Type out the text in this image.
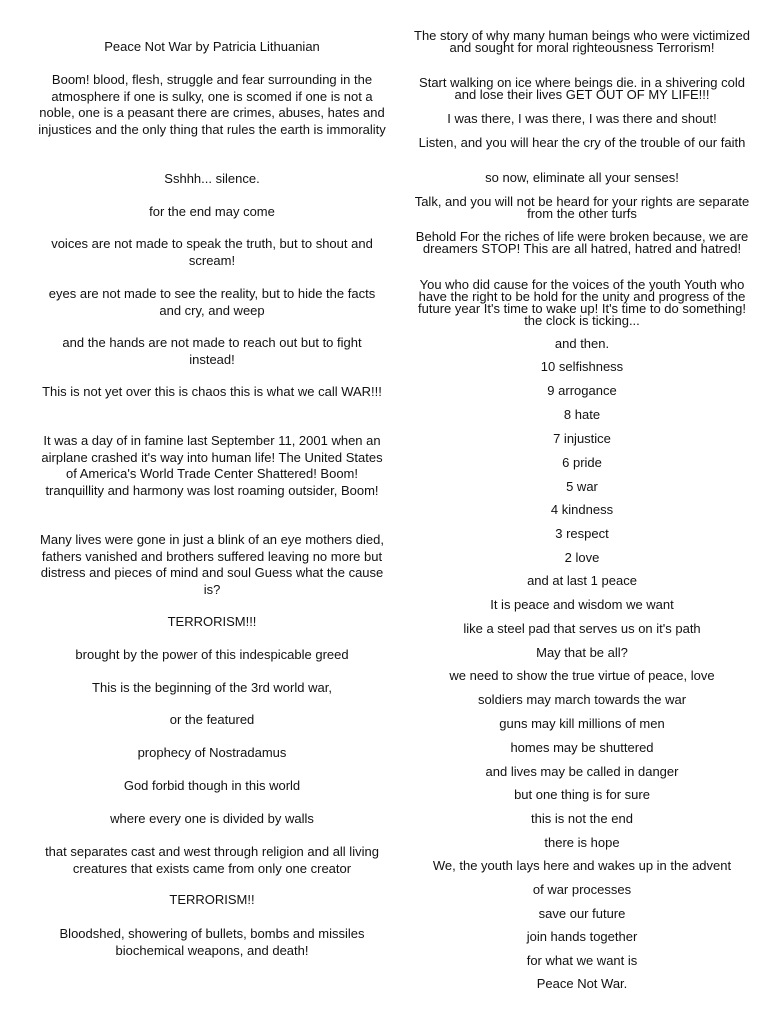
Peace Not War by Patricia Lithuanian

Boom! blood, flesh, struggle and fear surrounding in the atmosphere if one is sulky, one is scomed if one is not a noble, one is a peasant there are crimes, abuses, hates and injustices and the only thing that rules the earth is immorality

Sshhh... silence.

for the end may come

voices are not made to speak the truth, but to shout and scream!

eyes are not made to see the reality, but to hide the facts and cry, and weep

and the hands are not made to reach out but to fight instead!

This is not yet over this is chaos this is what we call WAR!!!

It was a day of in famine last September 11, 2001 when an airplane crashed it's way into human life! The United States of America's World Trade Center Shattered! Boom! tranquillity and harmony was lost roaming outsider, Boom!

Many lives were gone in just a blink of an eye mothers died, fathers vanished and brothers suffered leaving no more but distress and pieces of mind and soul Guess what the cause is?

TERRORISM!!!

brought by the power of this indespicable greed

This is the beginning of the 3rd world war,

or the featured

prophecy of Nostradamus

God forbid though in this world

where every one is divided by walls

that separates cast and west through religion and all living creatures that exists came from only one creator

TERRORISM!!

Bloodshed, showering of bullets, bombs and missiles biochemical weapons, and death!

The story of why many human beings who were victimized and sought for moral righteousness Terrorism!

Start walking on ice where beings die. in a shivering cold and lose their lives GET OUT OF MY LIFE!!!

I was there, I was there, I was there and shout!

Listen, and you will hear the cry of the trouble of our faith

so now, eliminate all your senses!

Talk, and you will not be heard for your rights are separate from the other turfs

Behold For the riches of life were broken because, we are dreamers STOP! This are all hatred, hatred and hatred!

You who did cause for the voices of the youth Youth who have the right to be hold for the unity and progress of the future year It's time to wake up! It's time to do something! the clock is ticking...

and then.

10 selfishness

9 arrogance

8 hate

7 injustice

6 pride

5 war

4 kindness

3 respect

2 love

and at last 1 peace

It is peace and wisdom we want

like a steel pad that serves us on it's path

May that be all?

we need to show the true virtue of peace, love

soldiers may march towards the war

guns may kill millions of men

homes may be shuttered

and lives may be called in danger

but one thing is for sure

this is not the end

there is hope

We, the youth lays here and wakes up in the advent

of war processes

save our future

join hands together

for what we want is

Peace Not War.
